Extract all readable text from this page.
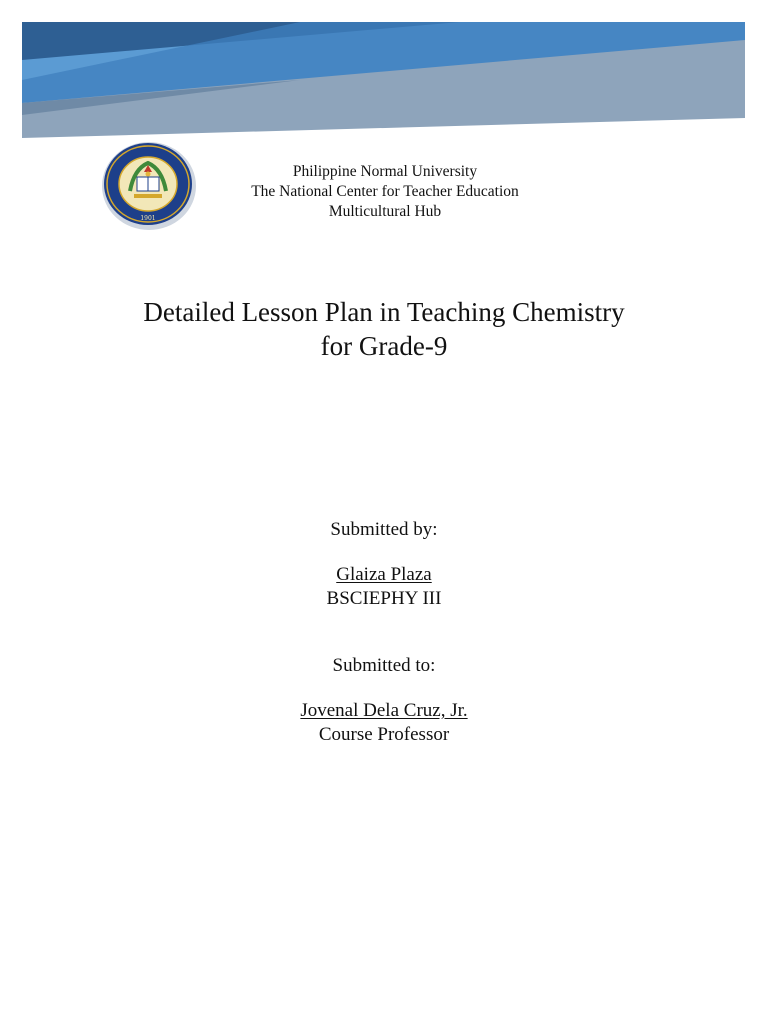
1901
Philippine Normal University
The National Center for Teacher Education
Multicultural Hub
Detailed Lesson Plan in Teaching Chemistry
for Grade-9
Submitted by:
Glaiza Plaza
BSCIEPHY III
Submitted to:
Jovenal Dela Cruz, Jr.
Course Professor
